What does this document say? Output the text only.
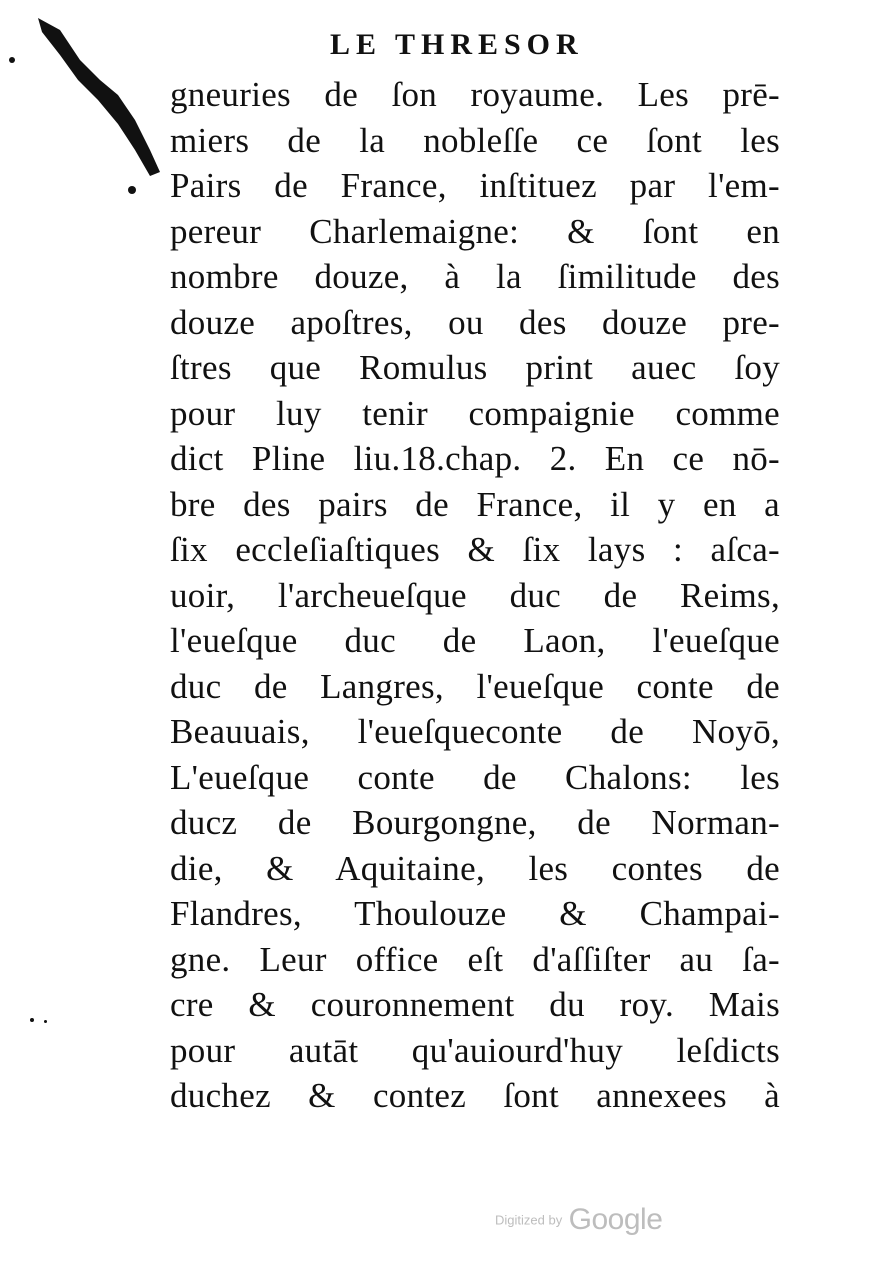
LE THRESOR
gneuries de ſon royaume. Les prē-
miers de la nobleſſe ce ſont les
Pairs de France, inſtituez par l'em-
pereur Charlemaigne: & ſont en
nombre douze, à la ſimilitude des
douze apoſtres, ou des douze pre-
ſtres que Romulus print auec ſoy
pour luy tenir compaignie comme
dict Pline liu.18.chap. 2. En ce nō-
bre des pairs de France, il y en a
ſix eccleſiaſtiques & ſix lays : aſca-
uoir, l'archeueſque duc de Reims,
l'eueſque duc de Laon, l'eueſque
duc de Langres, l'eueſque conte de
Beauuais, l'eueſqueconte de Noyō,
L'eueſque conte de Chalons: les
ducz de Bourgongne, de Norman-
die, & Aquitaine, les contes de
Flandres, Thoulouze & Champai-
gne. Leur office eſt d'aſſiſter au ſa-
cre & couronnement du roy. Mais
pour autāt qu'auiourd'huy leſdicts
duchez & contez ſont annexees à
Digitized by Google
